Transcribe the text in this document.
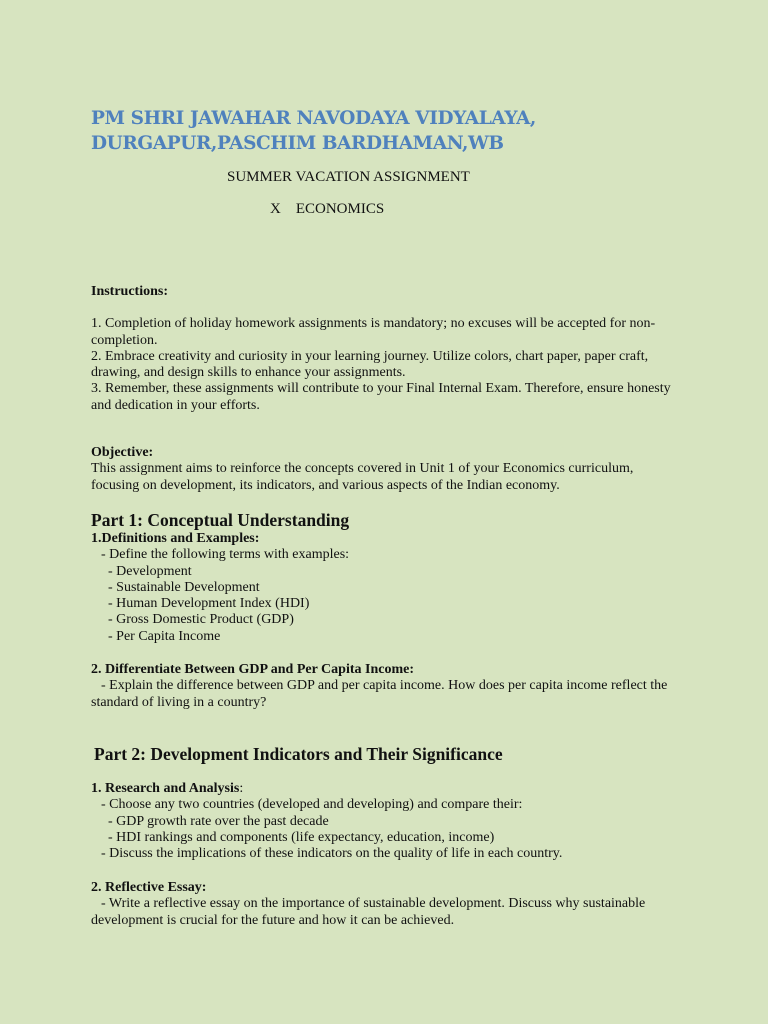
PM SHRI JAWAHAR NAVODAYA VIDYALAYA,
DURGAPUR,PASCHIM BARDHAMAN,WB
SUMMER VACATION ASSIGNMENT
X ECONOMICS

Instructions:

1. Completion of holiday homework assignments is mandatory; no excuses will be accepted for non-completion.

2. Embrace creativity and curiosity in your learning journey. Utilize colors, chart paper, paper craft, drawing, and design skills to enhance your assignments.

3. Remember, these assignments will contribute to your Final Internal Exam. Therefore, ensure honesty and dedication in your efforts.

Objective:

This assignment aims to reinforce the concepts covered in Unit 1 of your Economics curriculum, focusing on development, its indicators, and various aspects of the Indian economy.

Part 1: Conceptual Understanding

1.Definitions and Examples:

- Define the following terms with examples:

- Development

- Sustainable Development

- Human Development Index (HDI)

- Gross Domestic Product (GDP)

- Per Capita Income

2. Differentiate Between GDP and Per Capita Income:

- Explain the difference between GDP and per capita income. How does per capita income reflect the standard of living in a country?

Part 2: Development Indicators and Their Significance

1. Research and Analysis:

- Choose any two countries (developed and developing) and compare their:

- GDP growth rate over the past decade

- HDI rankings and components (life expectancy, education, income)

- Discuss the implications of these indicators on the quality of life in each country.

2. Reflective Essay:

- Write a reflective essay on the importance of sustainable development. Discuss why sustainable development is crucial for the future and how it can be achieved.
